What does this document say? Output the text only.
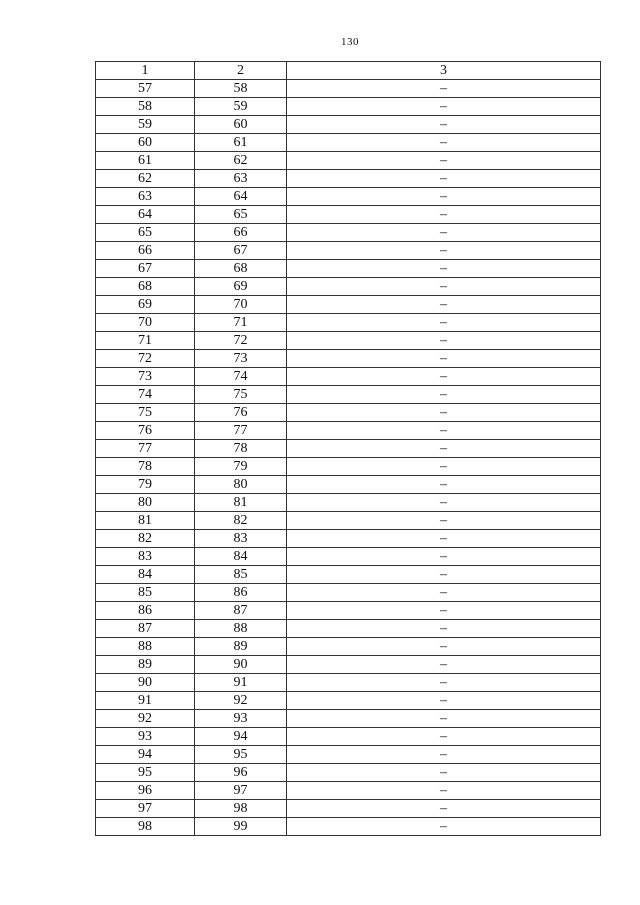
130
1	2	3
57	58	–
58	59	–
59	60	–
60	61	–
61	62	–
62	63	–
63	64	–
64	65	–
65	66	–
66	67	–
67	68	–
68	69	–
69	70	–
70	71	–
71	72	–
72	73	–
73	74	–
74	75	–
75	76	–
76	77	–
77	78	–
78	79	–
79	80	–
80	81	–
81	82	–
82	83	–
83	84	–
84	85	–
85	86	–
86	87	–
87	88	–
88	89	–
89	90	–
90	91	–
91	92	–
92	93	–
93	94	–
94	95	–
95	96	–
96	97	–
97	98	–
98	99	–
